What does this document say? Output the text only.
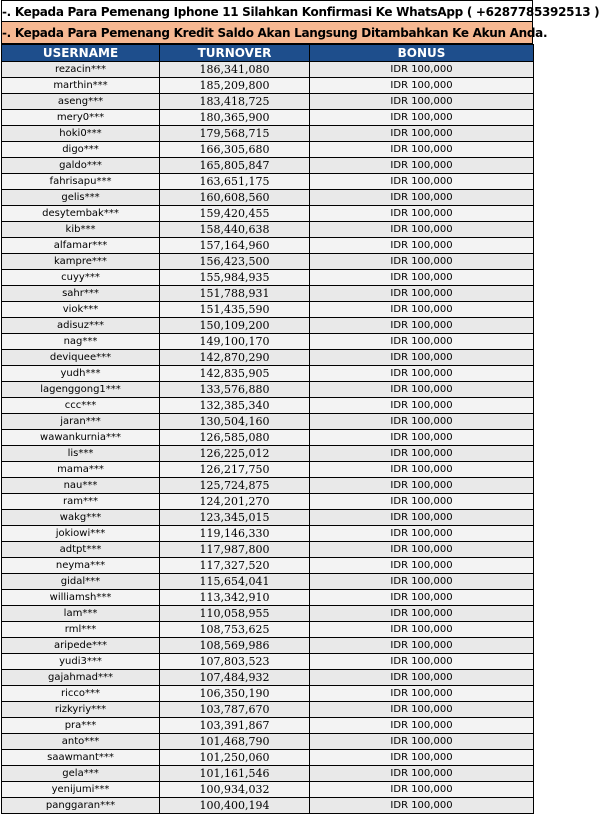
-. Kepada Para Pemenang Iphone 11 Silahkan Konfirmasi Ke WhatsApp ( +6287785392513 )
-. Kepada Para Pemenang Kredit Saldo Akan Langsung Ditambahkan Ke Akun Anda.
USERNAME	TURNOVER	BONUS
rezacin***	186,341,080	IDR 100,000
marthin***	185,209,800	IDR 100,000
aseng***	183,418,725	IDR 100,000
mery0***	180,365,900	IDR 100,000
hoki0***	179,568,715	IDR 100,000
digo***	166,305,680	IDR 100,000
galdo***	165,805,847	IDR 100,000
fahrisapu***	163,651,175	IDR 100,000
gelis***	160,608,560	IDR 100,000
desytembak***	159,420,455	IDR 100,000
kib***	158,440,638	IDR 100,000
alfamar***	157,164,960	IDR 100,000
kampre***	156,423,500	IDR 100,000
cuyy***	155,984,935	IDR 100,000
sahr***	151,788,931	IDR 100,000
viok***	151,435,590	IDR 100,000
adisuz***	150,109,200	IDR 100,000
nag***	149,100,170	IDR 100,000
deviquee***	142,870,290	IDR 100,000
yudh***	142,835,905	IDR 100,000
lagenggong1***	133,576,880	IDR 100,000
ccc***	132,385,340	IDR 100,000
jaran***	130,504,160	IDR 100,000
wawankurnia***	126,585,080	IDR 100,000
lis***	126,225,012	IDR 100,000
mama***	126,217,750	IDR 100,000
nau***	125,724,875	IDR 100,000
ram***	124,201,270	IDR 100,000
wakg***	123,345,015	IDR 100,000
jokiowi***	119,146,330	IDR 100,000
adtpt***	117,987,800	IDR 100,000
neyma***	117,327,520	IDR 100,000
gidal***	115,654,041	IDR 100,000
williamsh***	113,342,910	IDR 100,000
lam***	110,058,955	IDR 100,000
rml***	108,753,625	IDR 100,000
aripede***	108,569,986	IDR 100,000
yudi3***	107,803,523	IDR 100,000
gajahmad***	107,484,932	IDR 100,000
ricco***	106,350,190	IDR 100,000
rizkyriy***	103,787,670	IDR 100,000
pra***	103,391,867	IDR 100,000
anto***	101,468,790	IDR 100,000
saawmant***	101,250,060	IDR 100,000
gela***	101,161,546	IDR 100,000
yenijumi***	100,934,032	IDR 100,000
panggaran***	100,400,194	IDR 100,000
